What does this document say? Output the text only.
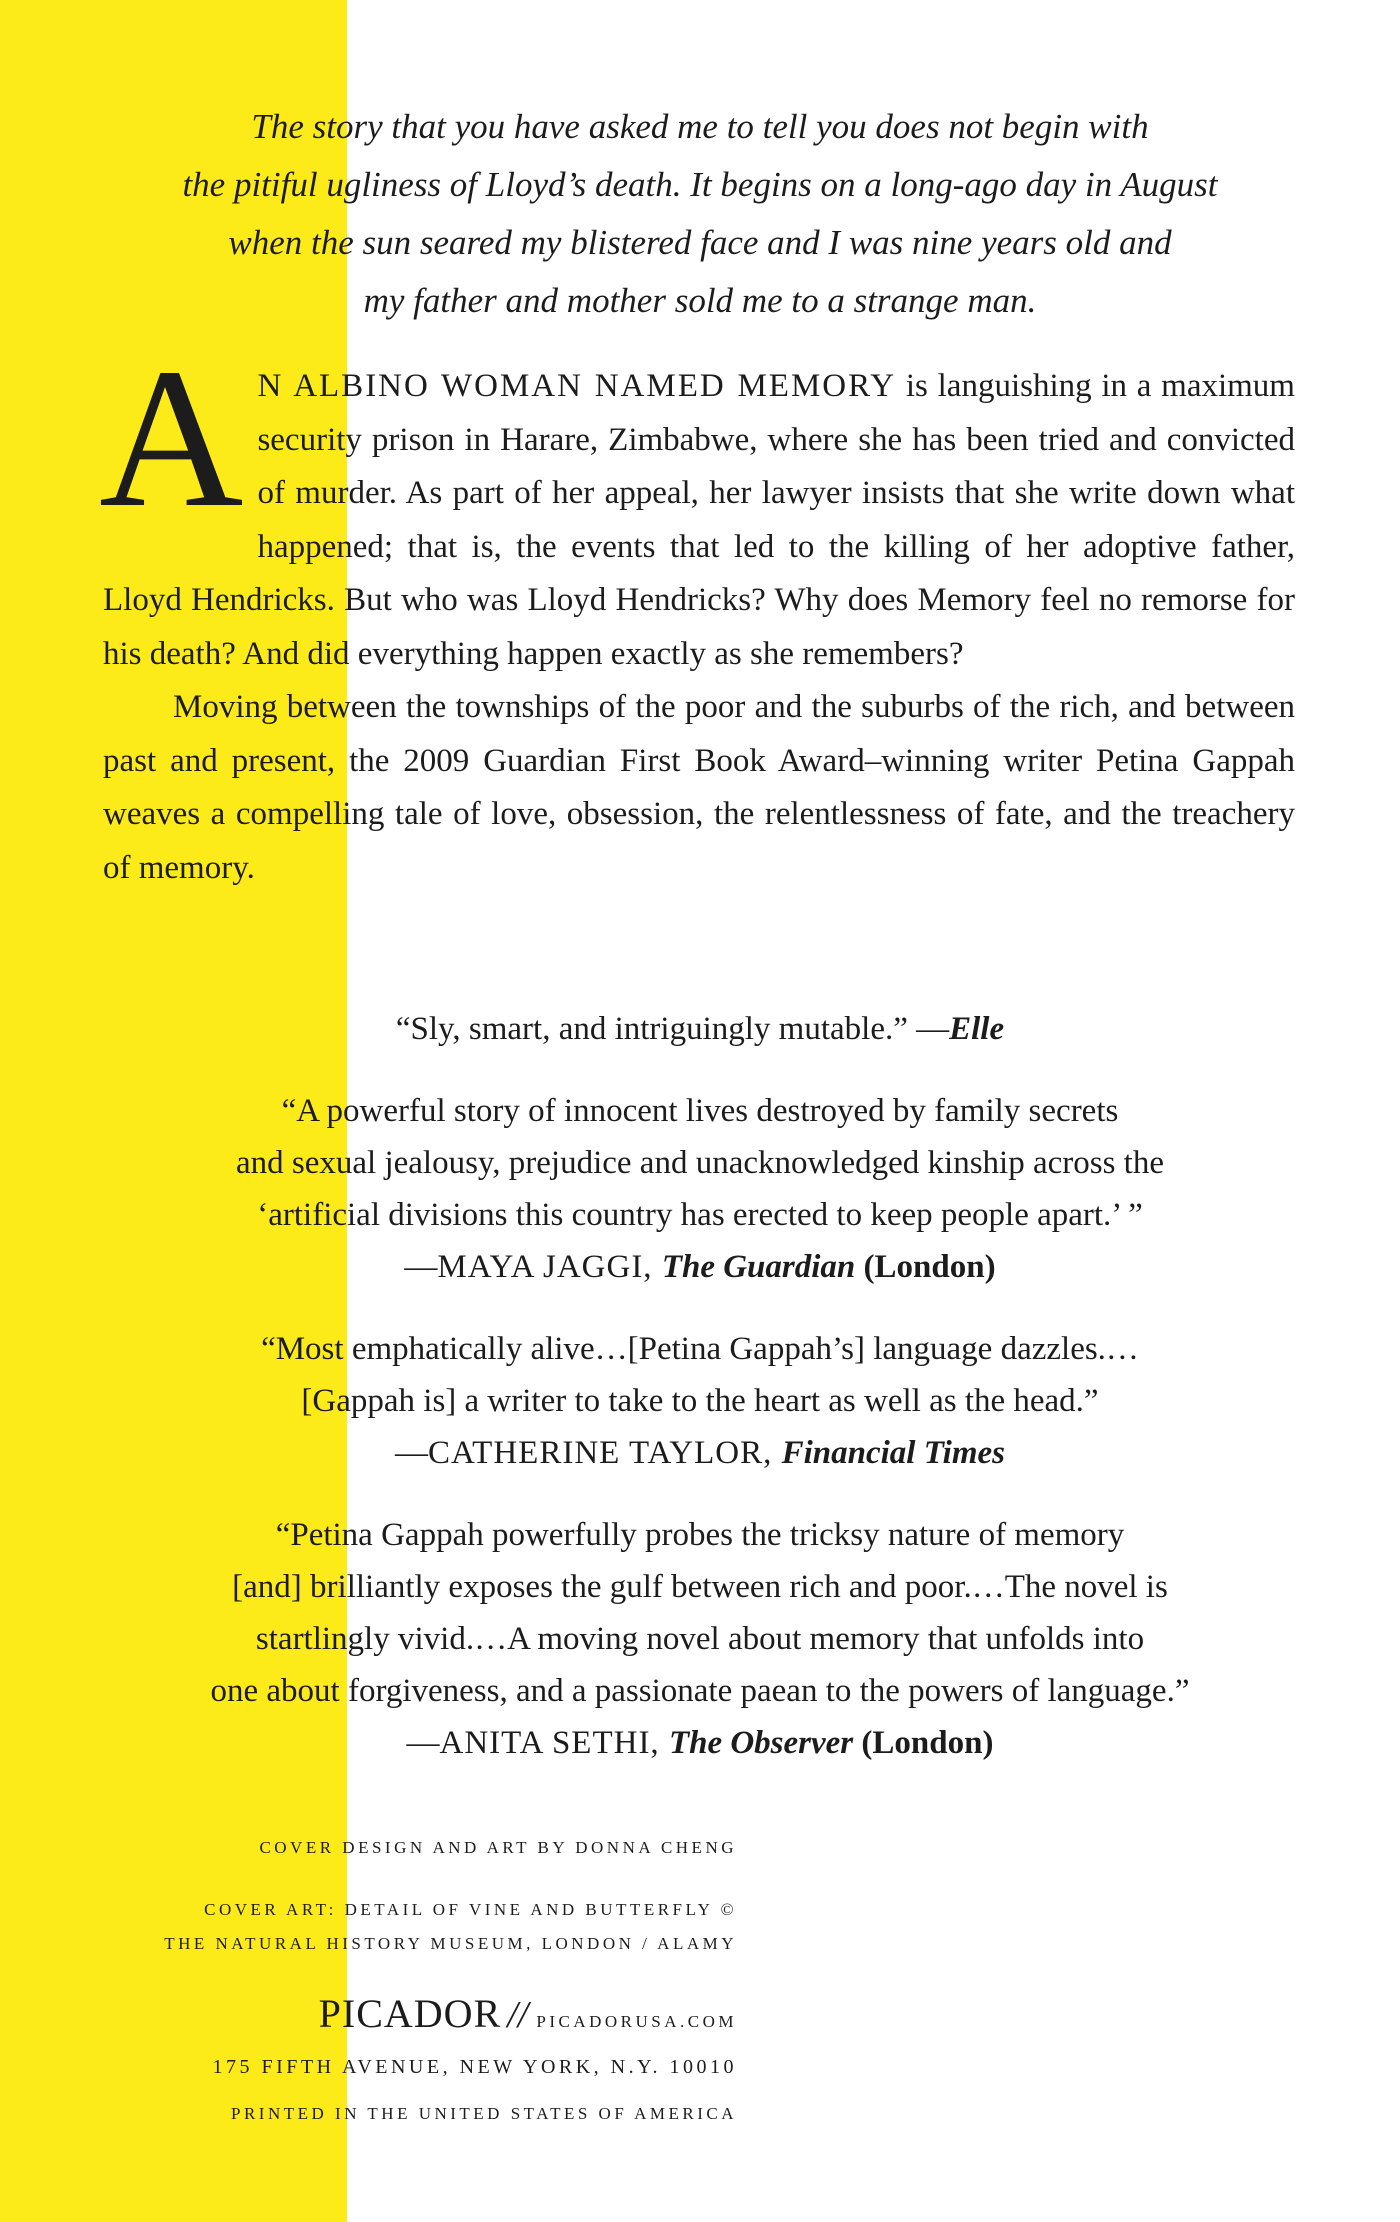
The story that you have asked me to tell you does not begin with
the pitiful ugliness of Lloyd’s death. It begins on a long-ago day in August
when the sun seared my blistered face and I was nine years old and
my father and mother sold me to a strange man.

A N ALBINO WOMAN NAMED MEMORY is languishing in a maximum security prison in Harare, Zimbabwe, where she has been tried and convicted of murder. As part of her appeal, her lawyer insists that she write down what happened; that is, the events that led to the killing of her adoptive father, Lloyd Hendricks. But who was Lloyd Hendricks? Why does Memory feel no remorse for his death? And did everything happen exactly as she remembers?

Moving between the townships of the poor and the suburbs of the rich, and between past and present, the 2009 Guardian First Book Award–winning writer Petina Gappah weaves a compelling tale of love, obsession, the relentlessness of fate, and the treachery of memory.

“Sly, smart, and intriguingly mutable.” —Elle
“A powerful story of innocent lives destroyed by family secrets
and sexual jealousy, prejudice and unacknowledged kinship across the
‘artificial divisions this country has erected to keep people apart.’ ”
—MAYA JAGGI, The Guardian (London)
“Most emphatically alive…[Petina Gappah’s] language dazzles.…
[Gappah is] a writer to take to the heart as well as the head.”
—CATHERINE TAYLOR, Financial Times
“Petina Gappah powerfully probes the tricksy nature of memory
[and] brilliantly exposes the gulf between rich and poor.…The novel is
startlingly vivid.…A moving novel about memory that unfolds into
one about forgiveness, and a passionate paean to the powers of language.”
—ANITA SETHI, The Observer (London)
COVER DESIGN AND ART BY DONNA CHENG
COVER ART: DETAIL OF VINE AND BUTTERFLY ©
THE NATURAL HISTORY MUSEUM, LONDON / ALAMY
PICADOR // PICADORUSA.COM
175 FIFTH AVENUE, NEW YORK, N.Y. 10010
PRINTED IN THE UNITED STATES OF AMERICA
